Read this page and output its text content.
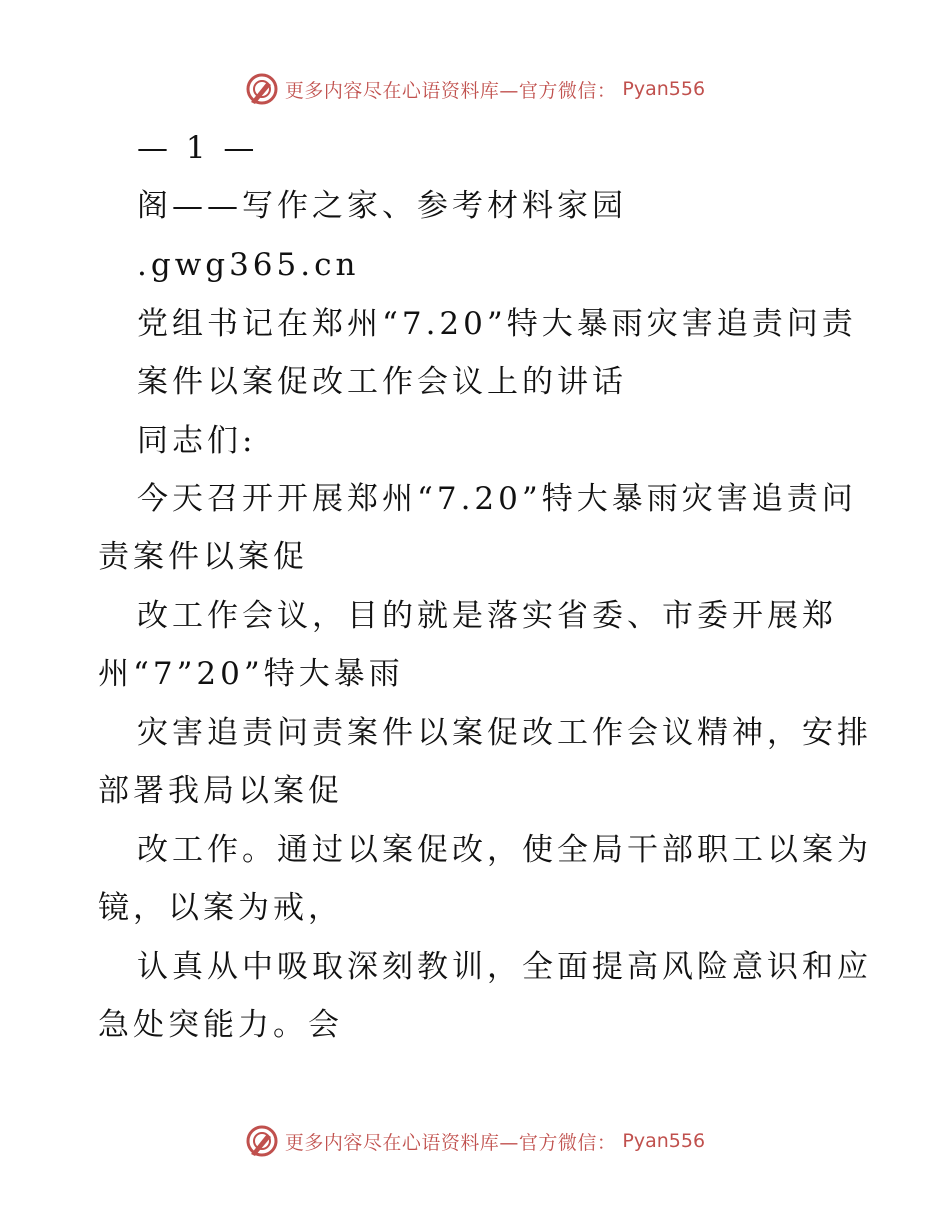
更多内容尽在心语资料库—官方微信： Pyan556
— 1 —
阁——写作之家、参考材料家园
.gwg365.cn
党组书记在郑州“7.20”特大暴雨灾害追责问责
案件以案促改工作会议上的讲话
同志们:
今天召开开展郑州“7.20”特大暴雨灾害追责问
责案件以案促
改工作会议，目的就是落实省委、市委开展郑
州“7”20”特大暴雨
灾害追责问责案件以案促改工作会议精神，安排
部署我局以案促
改工作。通过以案促改，使全局干部职工以案为
镜，以案为戒，
认真从中吸取深刻教训，全面提高风险意识和应
急处突能力。会
更多内容尽在心语资料库—官方微信： Pyan556
